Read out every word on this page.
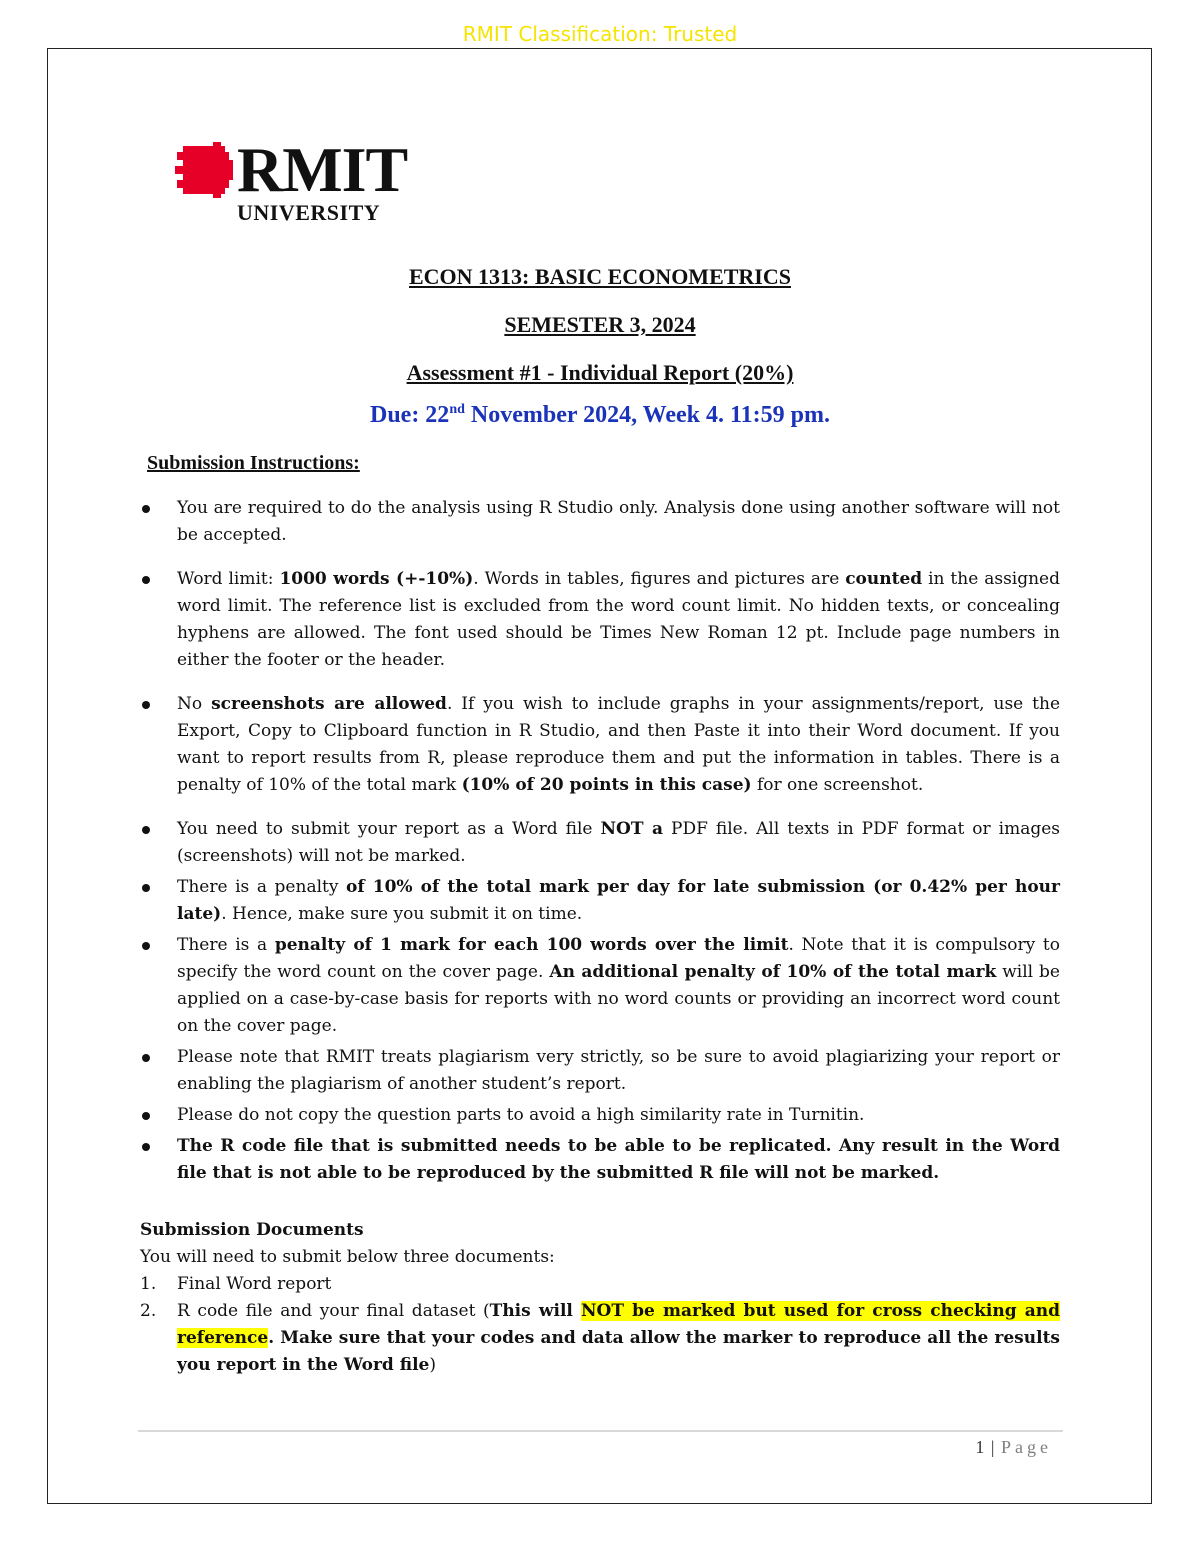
RMIT Classification: Trusted
RMIT
UNIVERSITY
ECON 1313: BASIC ECONOMETRICS
SEMESTER 3, 2024
Assessment #1 - Individual Report (20%)
Due: 22nd November 2024, Week 4. 11:59 pm.
Submission Instructions:
You are required to do the analysis using R Studio only. Analysis done using another software will not be accepted.
Word limit: 1000 words (+-10%). Words in tables, figures and pictures are counted in the assigned word limit. The reference list is excluded from the word count limit. No hidden texts, or concealing hyphens are allowed. The font used should be Times New Roman 12 pt. Include page numbers in either the footer or the header.
No screenshots are allowed. If you wish to include graphs in your assignments/report, use the Export, Copy to Clipboard function in R Studio, and then Paste it into their Word document. If you want to report results from R, please reproduce them and put the information in tables. There is a penalty of 10% of the total mark (10% of 20 points in this case) for one screenshot.
You need to submit your report as a Word file NOT a PDF file. All texts in PDF format or images (screenshots) will not be marked.
There is a penalty of 10% of the total mark per day for late submission (or 0.42% per hour late). Hence, make sure you submit it on time.
There is a penalty of 1 mark for each 100 words over the limit. Note that it is compulsory to specify the word count on the cover page. An additional penalty of 10% of the total mark will be applied on a case-by-case basis for reports with no word counts or providing an incorrect word count on the cover page.
Please note that RMIT treats plagiarism very strictly, so be sure to avoid plagiarizing your report or enabling the plagiarism of another student’s report.
Please do not copy the question parts to avoid a high similarity rate in Turnitin.
The R code file that is submitted needs to be able to be replicated. Any result in the Word file that is not able to be reproduced by the submitted R file will not be marked.
Submission Documents
You will need to submit below three documents:
1. Final Word report
2. R code file and your final dataset (This will NOT be marked but used for cross checking and reference. Make sure that your codes and data allow the marker to reproduce all the results you report in the Word file)
1 | Page
